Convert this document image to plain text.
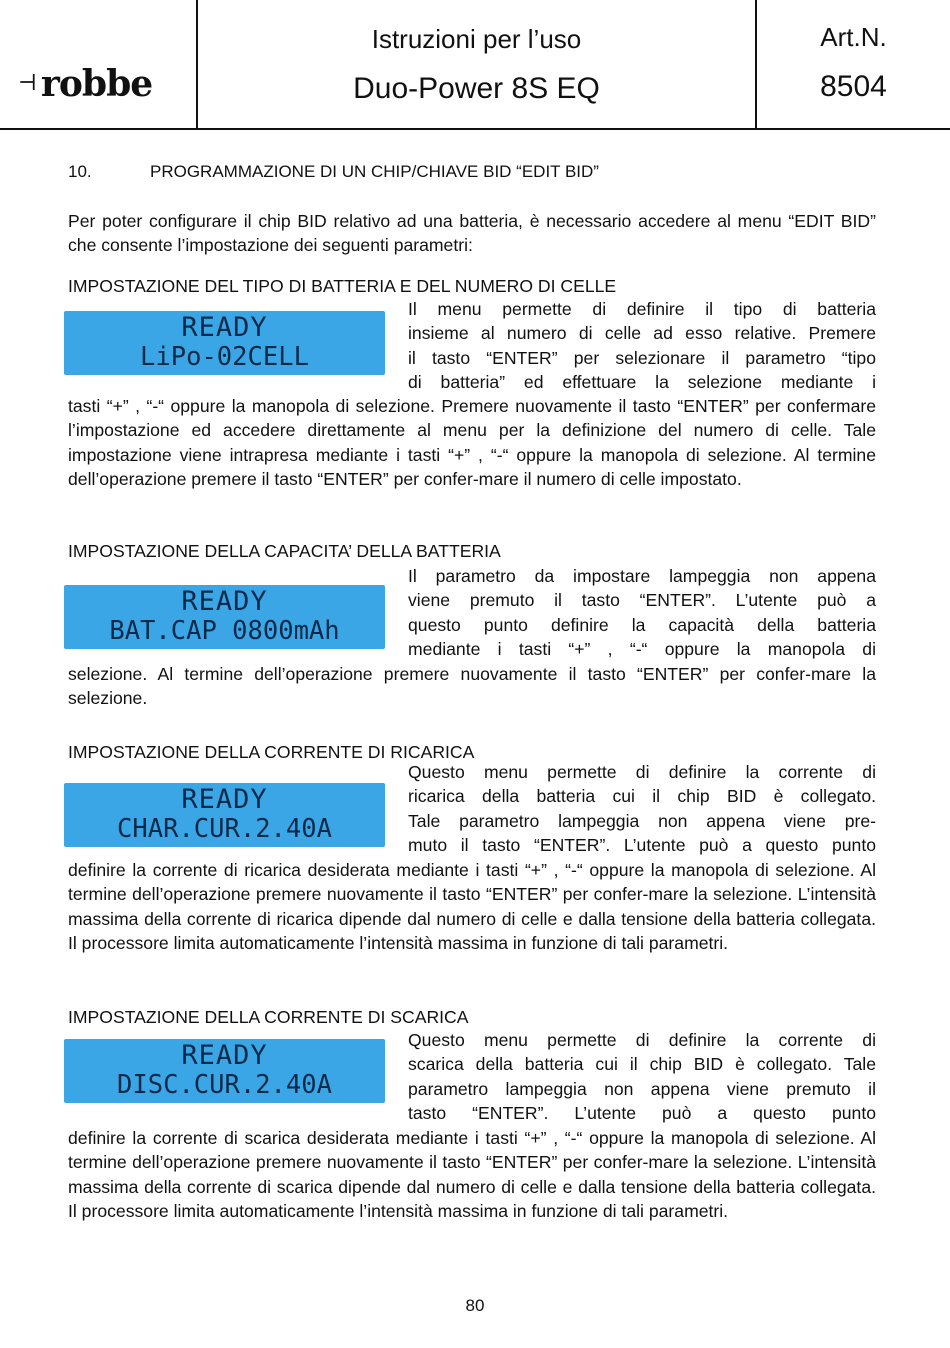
⊣ robbe
Istruzioni per l’uso
Duo-Power 8S EQ
Art.N.
8504
10.	PROGRAMMAZIONE DI UN CHIP/CHIAVE BID “EDIT BID”

Per poter configurare il chip BID relativo ad una batteria, è necessario accedere al menu “EDIT BID” che consente l’impostazione dei seguenti parametri:

IMPOSTAZIONE DEL TIPO DI BATTERIA E DEL NUMERO DI CELLE
READY
LiPo-02CELL
Il menu permette di definire il tipo di batteria
insieme al numero di celle ad esso relative. Premere
il tasto “ENTER” per selezionare il parametro “tipo
di batteria” ed effettuare la selezione mediante i

tasti “+” , “-“ oppure la manopola di selezione. Premere nuovamente il tasto “ENTER” per confermare l’impostazione ed accedere direttamente al menu per la definizione del numero di celle. Tale impostazione viene intrapresa mediante i tasti “+” , “-“ oppure la manopola di selezione. Al termine dell’operazione premere il tasto “ENTER” per confer-mare il numero di celle impostato.

IMPOSTAZIONE DELLA CAPACITA’ DELLA BATTERIA
READY
BAT.CAP 0800mAh
Il parametro da impostare lampeggia non appena
viene premuto il tasto “ENTER”. L’utente può a
questo punto definire la capacità della batteria
mediante i tasti “+” , “-“ oppure la manopola di

selezione. Al termine dell’operazione premere nuovamente il tasto “ENTER” per confer-mare la selezione.

IMPOSTAZIONE DELLA CORRENTE DI RICARICA
READY
CHAR.CUR.2.40A
Questo menu permette di definire la corrente di
ricarica della batteria cui il chip BID è collegato.
Tale parametro lampeggia non appena viene pre-
muto il tasto “ENTER”. L’utente può a questo punto

definire la corrente di ricarica desiderata mediante i tasti “+” , “-“ oppure la manopola di selezione. Al termine dell’operazione premere nuovamente il tasto “ENTER” per confer-mare la selezione. L’intensità massima della corrente di ricarica dipende dal numero di celle e dalla tensione della batteria collegata. Il processore limita automaticamente l’intensità massima in funzione di tali parametri.

IMPOSTAZIONE DELLA CORRENTE DI SCARICA
READY
DISC.CUR.2.40A
Questo menu permette di definire la corrente di
scarica della batteria cui il chip BID è collegato. Tale
parametro lampeggia non appena viene premuto il
tasto “ENTER”. L’utente può a questo punto

definire la corrente di scarica desiderata mediante i tasti “+” , “-“ oppure la manopola di selezione. Al termine dell’operazione premere nuovamente il tasto “ENTER” per confer-mare la selezione. L’intensità massima della corrente di scarica dipende dal numero di celle e dalla tensione della batteria collegata. Il processore limita automaticamente l’intensità massima in funzione di tali parametri.

80
